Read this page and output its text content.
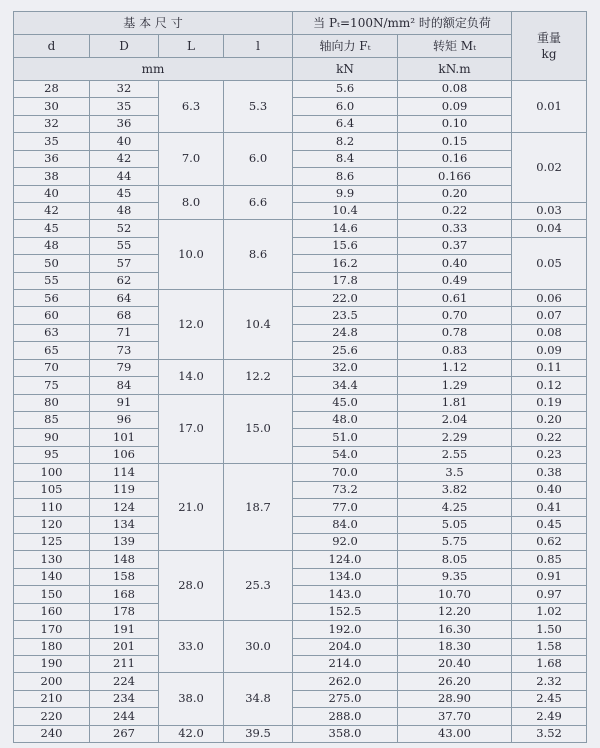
基 本 尺 寸				当 Pₜ=100N/mm² 时的额定负荷		重量
kg

d	D	L	l	轴向力 Fₜ	转矩 Mₜ	
mm				kN	kN.m	
28	32	6.3	5.3	5.6	0.08	0.01
30	35			6.0	0.09	
32	36			6.4	0.10	
35	40	7.0	6.0	8.2	0.15	0.02
36	42			8.4	0.16	
38	44			8.6	0.166	
40	45	8.0	6.6	9.9	0.20	
42	48			10.4	0.22	0.03
45	52	10.0	8.6	14.6	0.33	0.04
48	55			15.6	0.37	0.05
50	57			16.2	0.40	
55	62			17.8	0.49	
56	64	12.0	10.4	22.0	0.61	0.06
60	68			23.5	0.70	0.07
63	71			24.8	0.78	0.08
65	73			25.6	0.83	0.09
70	79	14.0	12.2	32.0	1.12	0.11
75	84			34.4	1.29	0.12
80	91	17.0	15.0	45.0	1.81	0.19
85	96			48.0	2.04	0.20
90	101			51.0	2.29	0.22
95	106			54.0	2.55	0.23
100	114	21.0	18.7	70.0	3.5	0.38
105	119			73.2	3.82	0.40
110	124			77.0	4.25	0.41
120	134			84.0	5.05	0.45
125	139			92.0	5.75	0.62
130	148	28.0	25.3	124.0	8.05	0.85
140	158			134.0	9.35	0.91
150	168			143.0	10.70	0.97
160	178			152.5	12.20	1.02
170	191	33.0	30.0	192.0	16.30	1.50
180	201			204.0	18.30	1.58
190	211			214.0	20.40	1.68
200	224	38.0	34.8	262.0	26.20	2.32
210	234			275.0	28.90	2.45
220	244			288.0	37.70	2.49
240	267	42.0	39.5	358.0	43.00	3.52
